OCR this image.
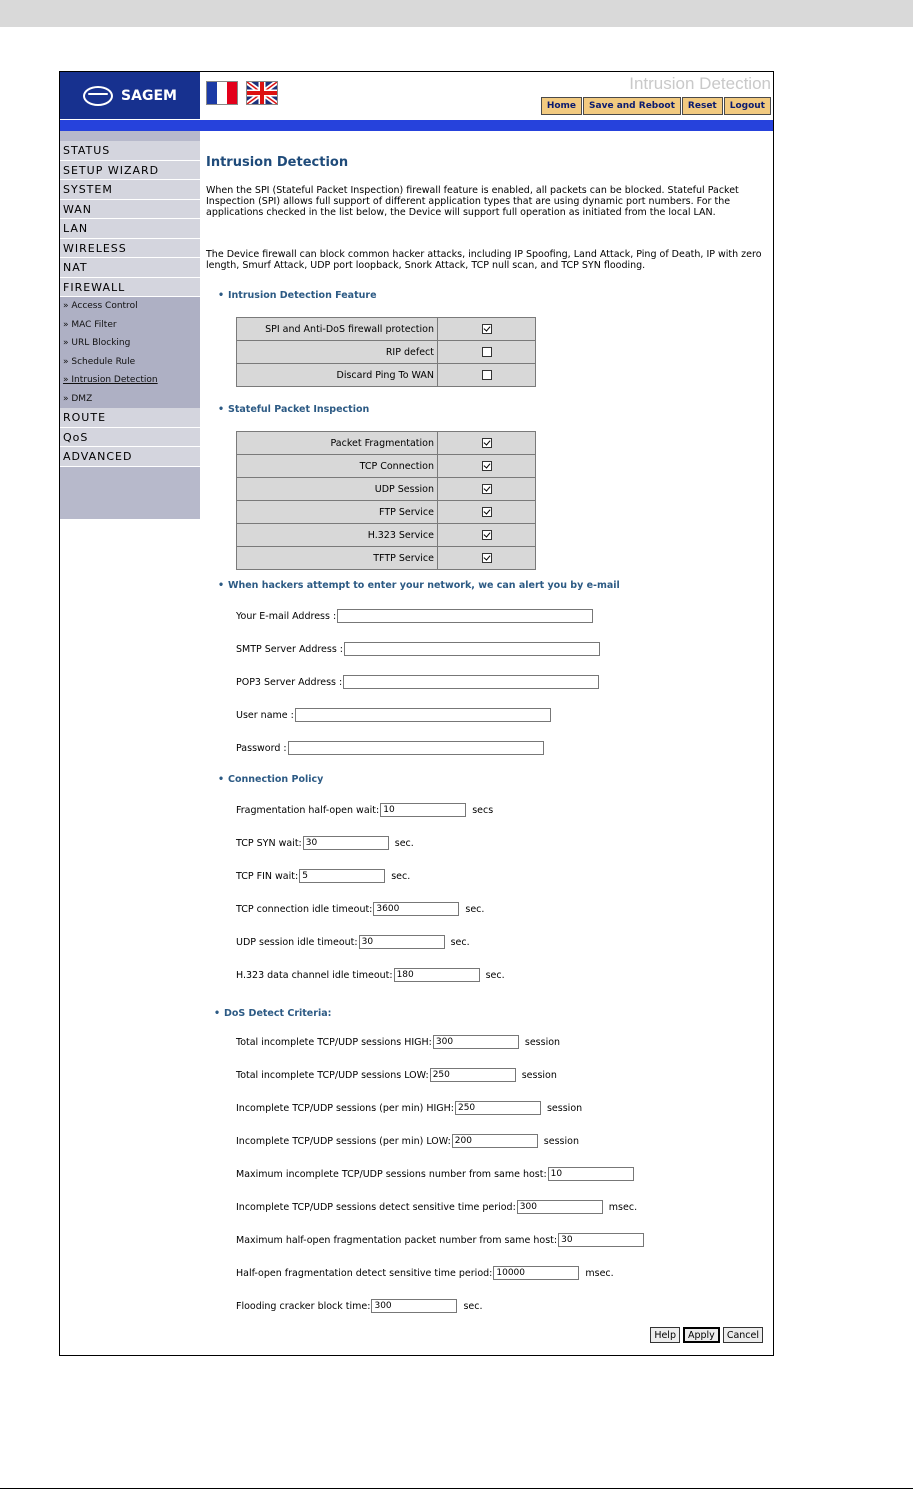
SAGEM
Intrusion Detection
Home	Save and Reboot	Reset	Logout
STATUS
SETUP WIZARD
SYSTEM
WAN
LAN
WIRELESS
NAT
FIREWALL
» Access Control
» MAC Filter
» URL Blocking
» Schedule Rule
» Intrusion Detection
» DMZ
ROUTE
QoS
ADVANCED
Intrusion Detection
When the SPI (Stateful Packet Inspection) firewall feature is enabled, all packets can be blocked. Stateful Packet Inspection (SPI) allows full support of different application types that are using dynamic port numbers. For the applications checked in the list below, the Device will support full operation as initiated from the local LAN.
The Device firewall can block common hacker attacks, including IP Spoofing, Land Attack, Ping of Death, IP with zero length, Smurf Attack, UDP port loopback, Snork Attack, TCP null scan, and TCP SYN flooding.
• Intrusion Detection Feature
SPI and Anti-DoS firewall protection	
RIP defect	
Discard Ping To WAN	
• Stateful Packet Inspection
Packet Fragmentation	
TCP Connection	
UDP Session	
FTP Service	
H.323 Service	
TFTP Service	
• When hackers attempt to enter your network, we can alert you by e-mail
Your E-mail Address :
SMTP Server Address :
POP3 Server Address :
User name :
Password :
• Connection Policy
Fragmentation half-open wait:
10	secs
TCP SYN wait:
30	sec.
TCP FIN wait:
5	sec.
TCP connection idle timeout:
3600	sec.
UDP session idle timeout:
30	sec.
H.323 data channel idle timeout:
180	sec.
• DoS Detect Criteria:
Total incomplete TCP/UDP sessions HIGH:
300	session
Total incomplete TCP/UDP sessions LOW:
250	session
Incomplete TCP/UDP sessions (per min) HIGH:
250	session
Incomplete TCP/UDP sessions (per min) LOW:
200	session
Maximum incomplete TCP/UDP sessions number from same host:
10
Incomplete TCP/UDP sessions detect sensitive time period:
300	msec.
Maximum half-open fragmentation packet number from same host:
30
Half-open fragmentation detect sensitive time period:
10000	msec.
Flooding cracker block time:
300	sec.
Help	Apply	Cancel
